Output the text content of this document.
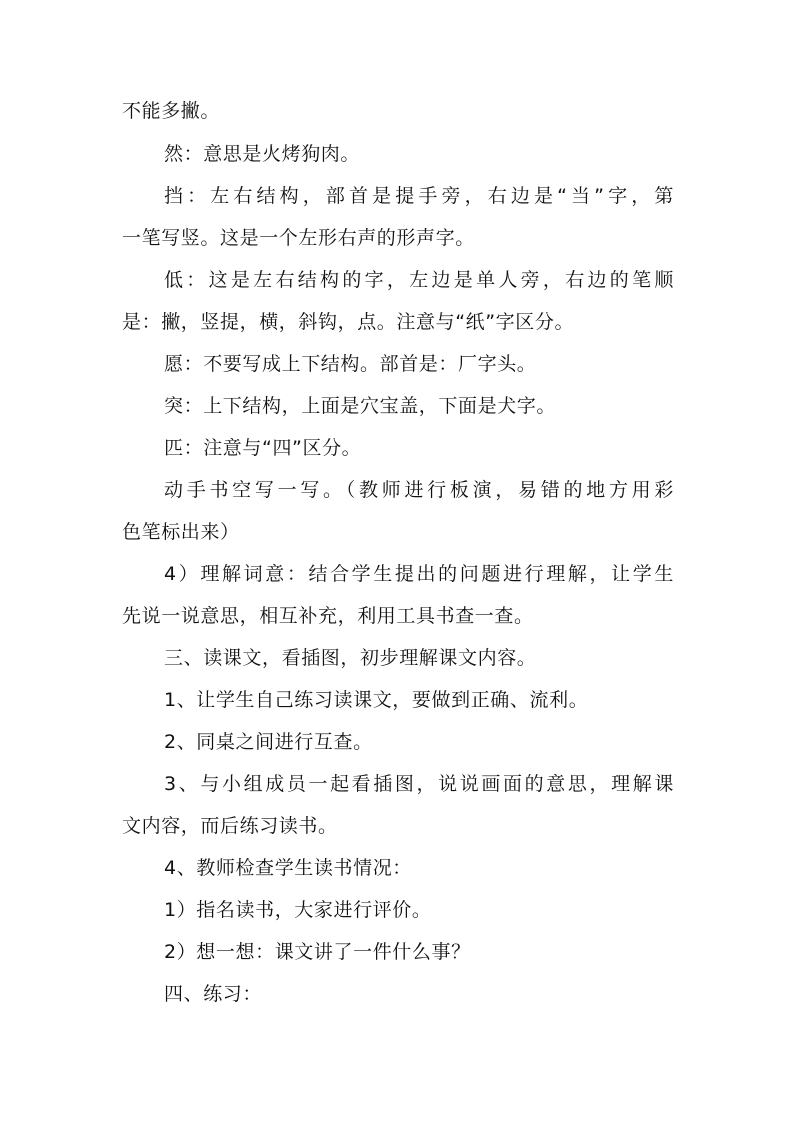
不能多撇。
然：意思是火烤狗肉。
挡：左右结构，部首是提手旁，右边是“当”字，第
一笔写竖。这是一个左形右声的形声字。
低：这是左右结构的字，左边是单人旁，右边的笔顺
是：撇，竖提，横，斜钩，点。注意与“纸”字区分。
愿：不要写成上下结构。部首是：厂字头。
突：上下结构，上面是穴宝盖，下面是犬字。
匹：注意与“四”区分。
动手书空写一写。（教师进行板演，易错的地方用彩
色笔标出来）
4）理解词意：结合学生提出的问题进行理解，让学生
先说一说意思，相互补充，利用工具书查一查。
三、读课文，看插图，初步理解课文内容。
1、让学生自己练习读课文，要做到正确、流利。
2、同桌之间进行互查。
3、与小组成员一起看插图，说说画面的意思，理解课
文内容，而后练习读书。
4、教师检查学生读书情况：
1）指名读书，大家进行评价。
2）想一想：课文讲了一件什么事？
四、练习：
